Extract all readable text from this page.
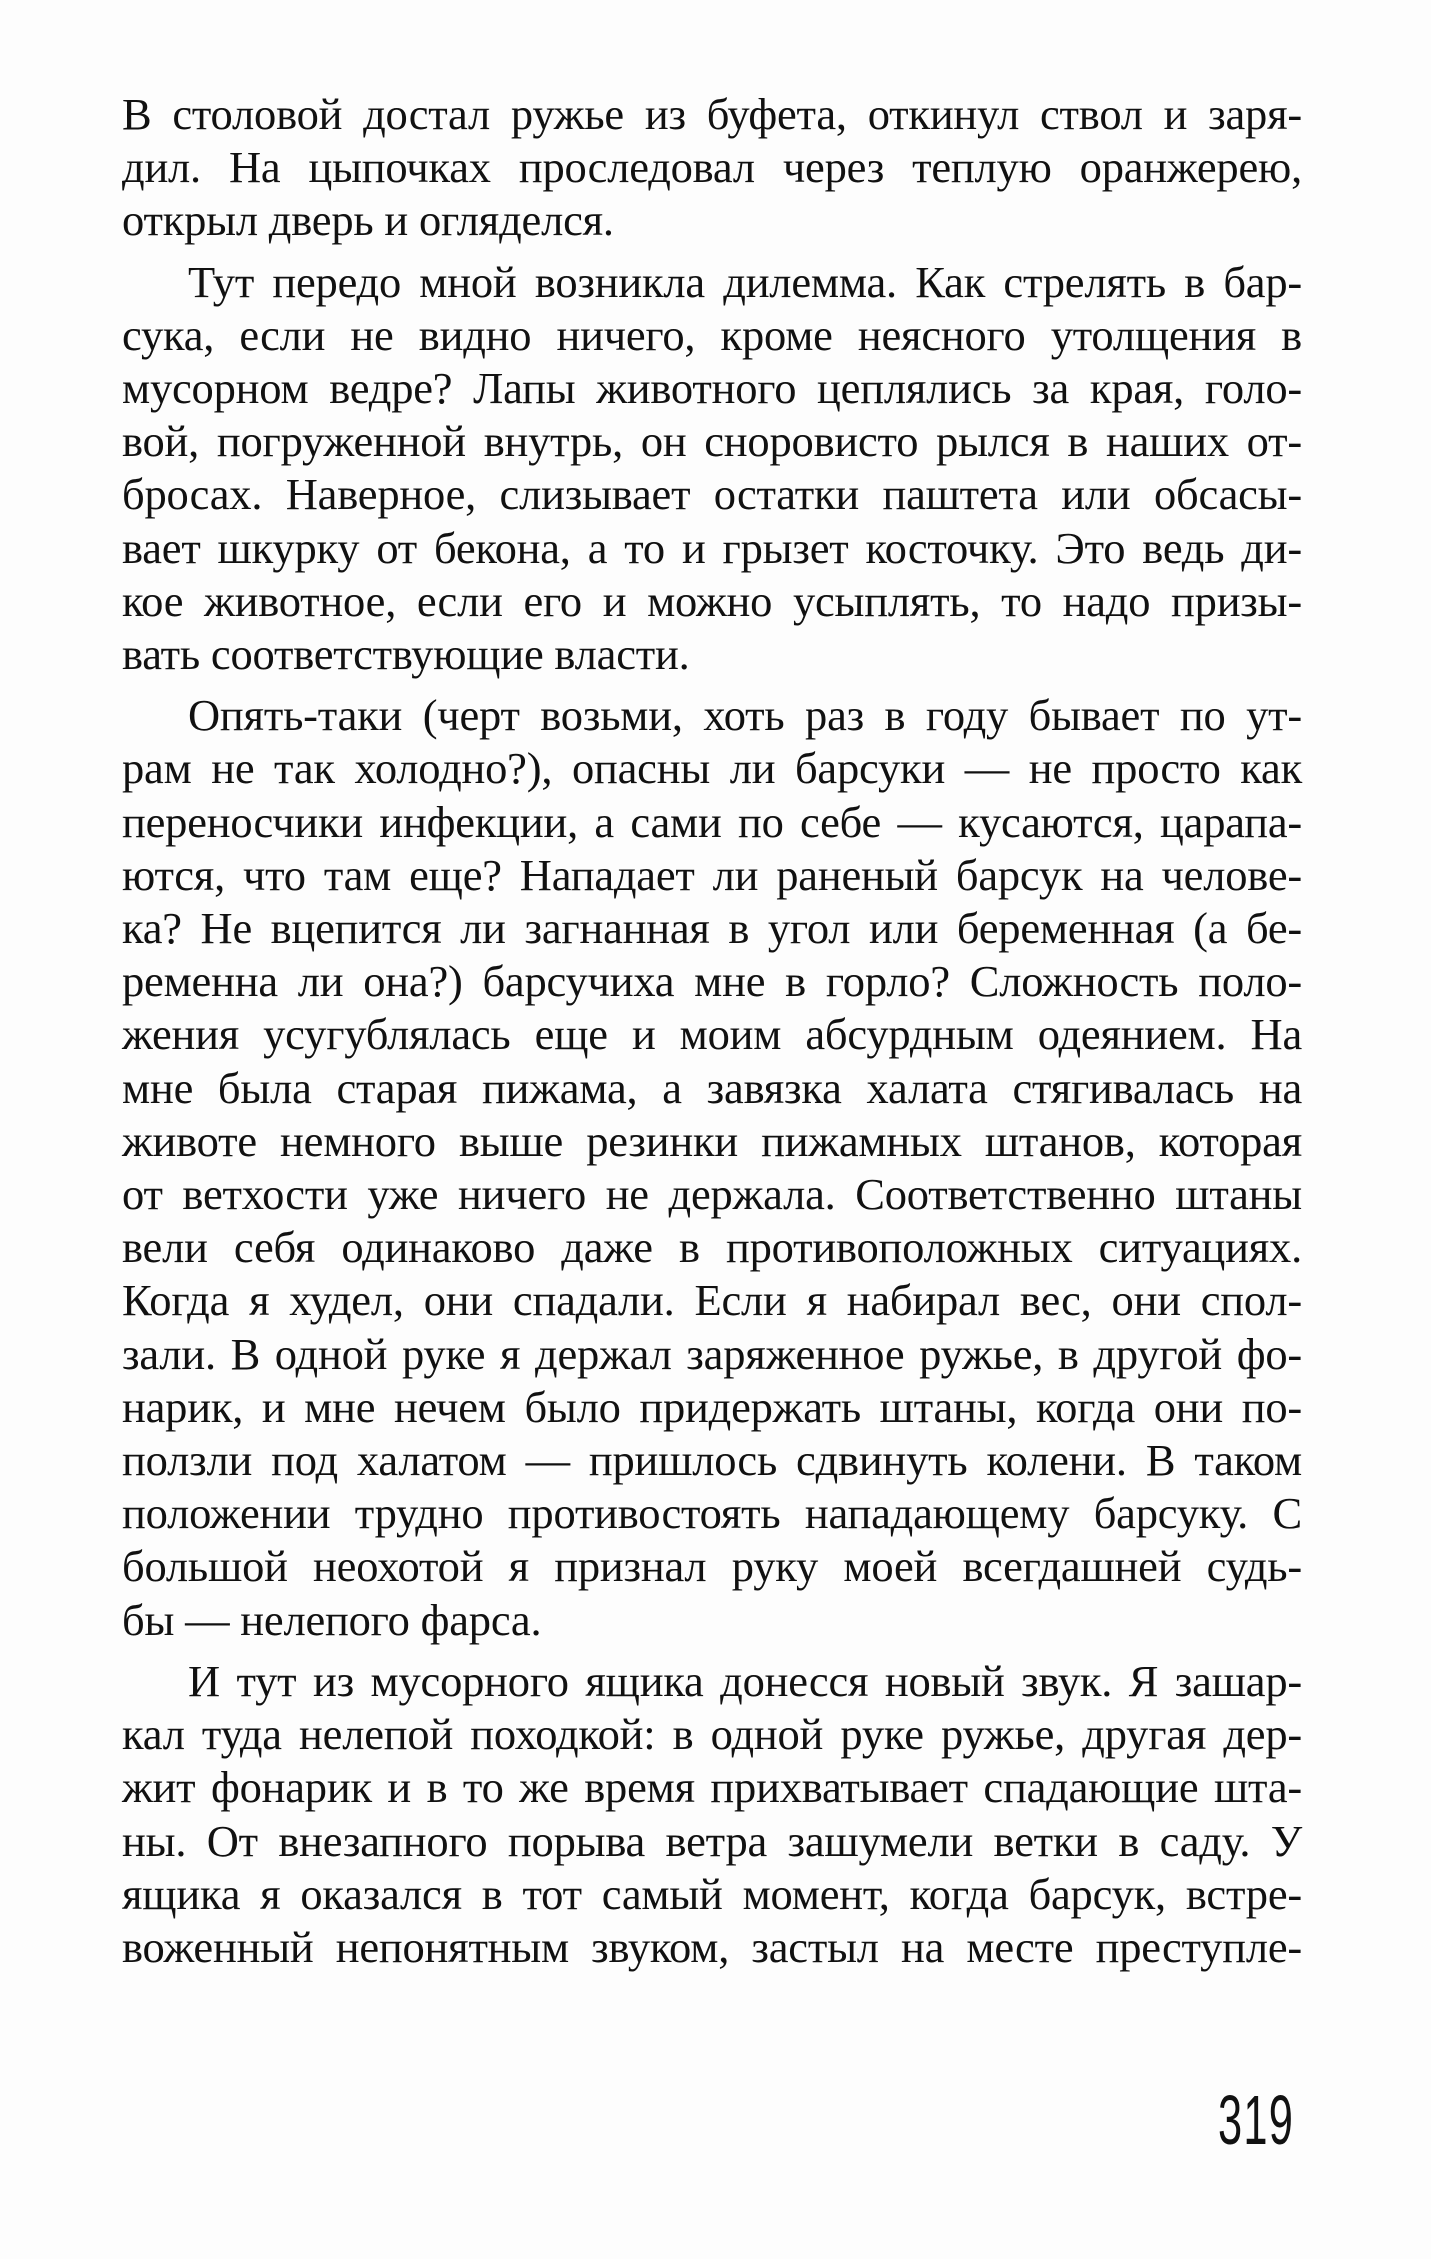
В столовой достал ружье из буфета, откинул ствол и заря-
дил. На цыпочках проследовал через теплую оранжерею,
открыл дверь и огляделся.
Тут передо мной возникла дилемма. Как стрелять в бар-
сука, если не видно ничего, кроме неясного утолщения в
мусорном ведре? Лапы животного цеплялись за края, голо-
вой, погруженной внутрь, он сноровисто рылся в наших от-
бросах. Наверное, слизывает остатки паштета или обсасы-
вает шкурку от бекона, а то и грызет косточку. Это ведь ди-
кое животное, если его и можно усыплять, то надо призы-
вать соответствующие власти.
Опять-таки (черт возьми, хоть раз в году бывает по ут-
рам не так холодно?), опасны ли барсуки — не просто как
переносчики инфекции, а сами по себе — кусаются, царапа-
ются, что там еще? Нападает ли раненый барсук на челове-
ка? Не вцепится ли загнанная в угол или беременная (а бе-
ременна ли она?) барсучиха мне в горло? Сложность поло-
жения усугублялась еще и моим абсурдным одеянием. На
мне была старая пижама, а завязка халата стягивалась на
животе немного выше резинки пижамных штанов, которая
от ветхости уже ничего не держала. Соответственно штаны
вели себя одинаково даже в противоположных ситуациях.
Когда я худел, они спадали. Если я набирал вес, они спол-
зали. В одной руке я держал заряженное ружье, в другой фо-
нарик, и мне нечем было придержать штаны, когда они по-
ползли под халатом — пришлось сдвинуть колени. В таком
положении трудно противостоять нападающему барсуку. С
большой неохотой я признал руку моей всегдашней судь-
бы — нелепого фарса.
И тут из мусорного ящика донесся новый звук. Я зашар-
кал туда нелепой походкой: в одной руке ружье, другая дер-
жит фонарик и в то же время прихватывает спадающие шта-
ны. От внезапного порыва ветра зашумели ветки в саду. У
ящика я оказался в тот самый момент, когда барсук, встре-
воженный непонятным звуком, застыл на месте преступле-
319
